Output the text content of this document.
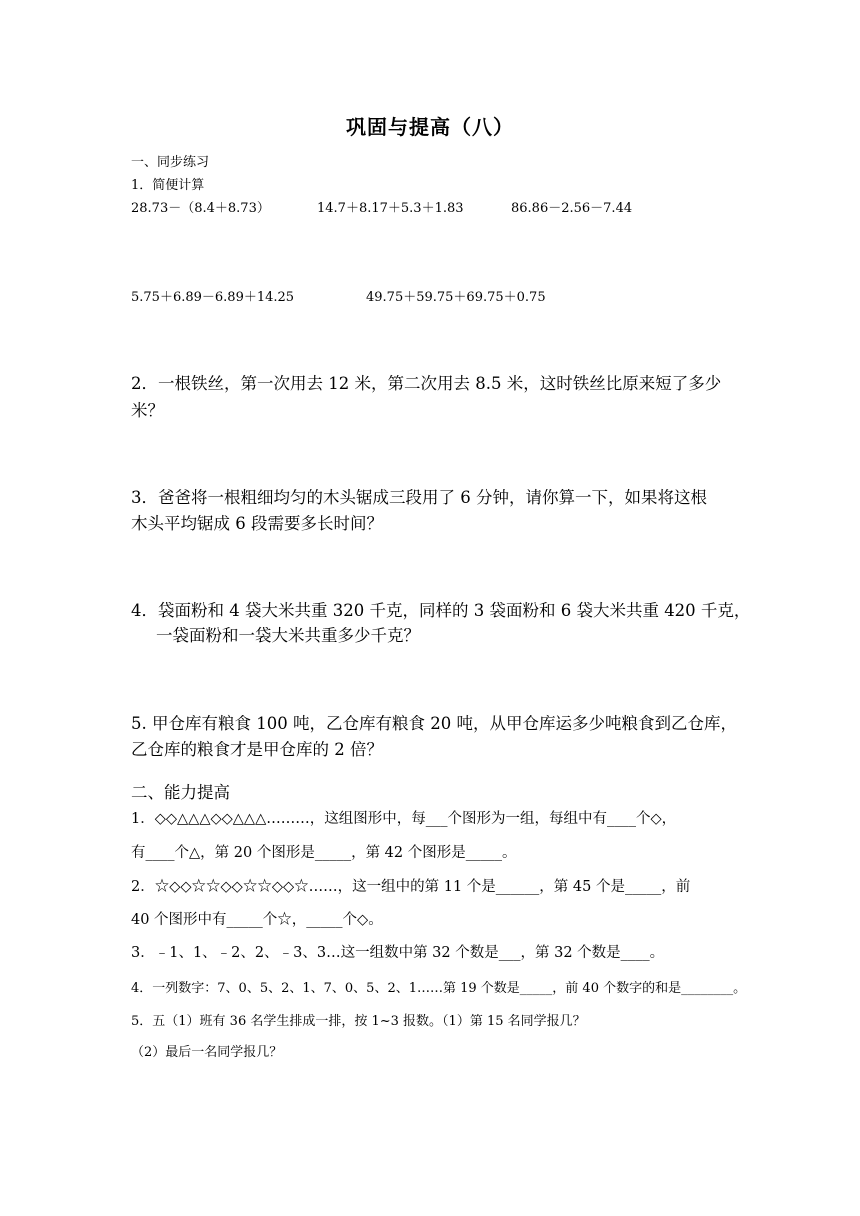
巩固与提高（八）
一、同步练习
1．简便计算
28.73－（8.4＋8.73）	14.7＋8.17＋5.3＋1.83	86.86－2.56－7.44
5.75＋6.89－6.89＋14.25	49.75＋59.75＋69.75＋0.75
2．一根铁丝，第一次用去 12 米，第二次用去 8.5 米，这时铁丝比原来短了多少
米？
3．爸爸将一根粗细均匀的木头锯成三段用了 6 分钟，请你算一下，如果将这根
木头平均锯成 6 段需要多长时间？
4．袋面粉和 4 袋大米共重 320 千克，同样的 3 袋面粉和 6 袋大米共重 420 千克，
一袋面粉和一袋大米共重多少千克？
5. 甲仓库有粮食 100 吨，乙仓库有粮食 20 吨，从甲仓库运多少吨粮食到乙仓库，
乙仓库的粮食才是甲仓库的 2 倍？
二、能力提高
1．◇◇△△△◇◇△△△………，这组图形中，每___个图形为一组，每组中有____个◇，
有____个△，第 20 个图形是_____，第 42 个图形是_____。
2．☆◇◇☆☆◇◇☆☆◇◇☆……，这一组中的第 11 个是______，第 45 个是_____，前
40 个图形中有_____个☆，_____个◇。
3．﹣1、1、﹣2、2、﹣3、3…这一组数中第 32 个数是___，第 32 个数是____。
4．一列数字：7、0、5、2、1、7、0、5、2、1……第 19 个数是_____，前 40 个数字的和是________。
5．五（1）班有 36 名学生排成一排，按 1~3 报数。（1）第 15 名同学报几？
（2）最后一名同学报几？
